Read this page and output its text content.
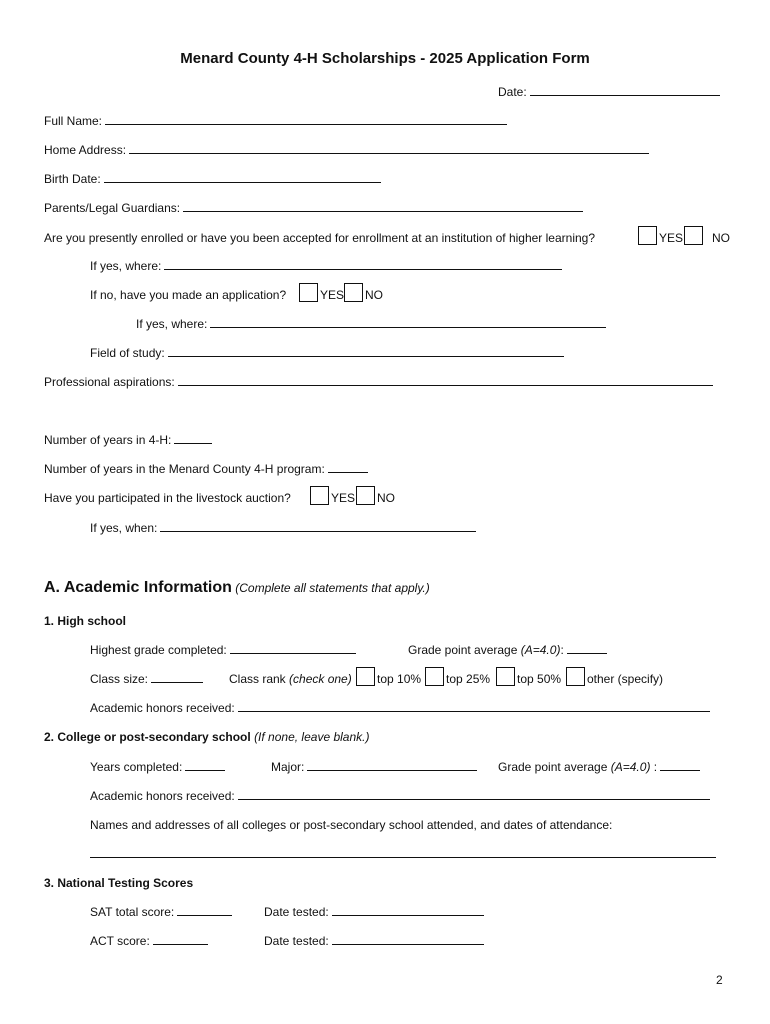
Menard County 4-H Scholarships - 2025 Application Form
Date:
Full Name:
Home Address:
Birth Date:
Parents/Legal Guardians:
Are you presently enrolled or have you been accepted for enrollment at an institution of higher learning?	YES NO
If yes, where:
If no, have you made an application?	YES NO
If yes, where:
Field of study:
Professional aspirations:
Number of years in 4-H:
Number of years in the Menard County 4-H program:
Have you participated in the livestock auction?	YES NO
If yes, when:
A. Academic Information (Complete all statements that apply.)
1. High school
Highest grade completed:	Grade point average (A=4.0):
Class size:	Class rank (check one) top 10% top 25% top 50% other (specify)
Academic honors received:
2. College or post-secondary school (If none, leave blank.)
Years completed:	Major:	Grade point average (A=4.0) :
Academic honors received:
Names and addresses of all colleges or post-secondary school attended, and dates of attendance:
3. National Testing Scores
SAT total score:	Date tested:
ACT score:	Date tested:
2
